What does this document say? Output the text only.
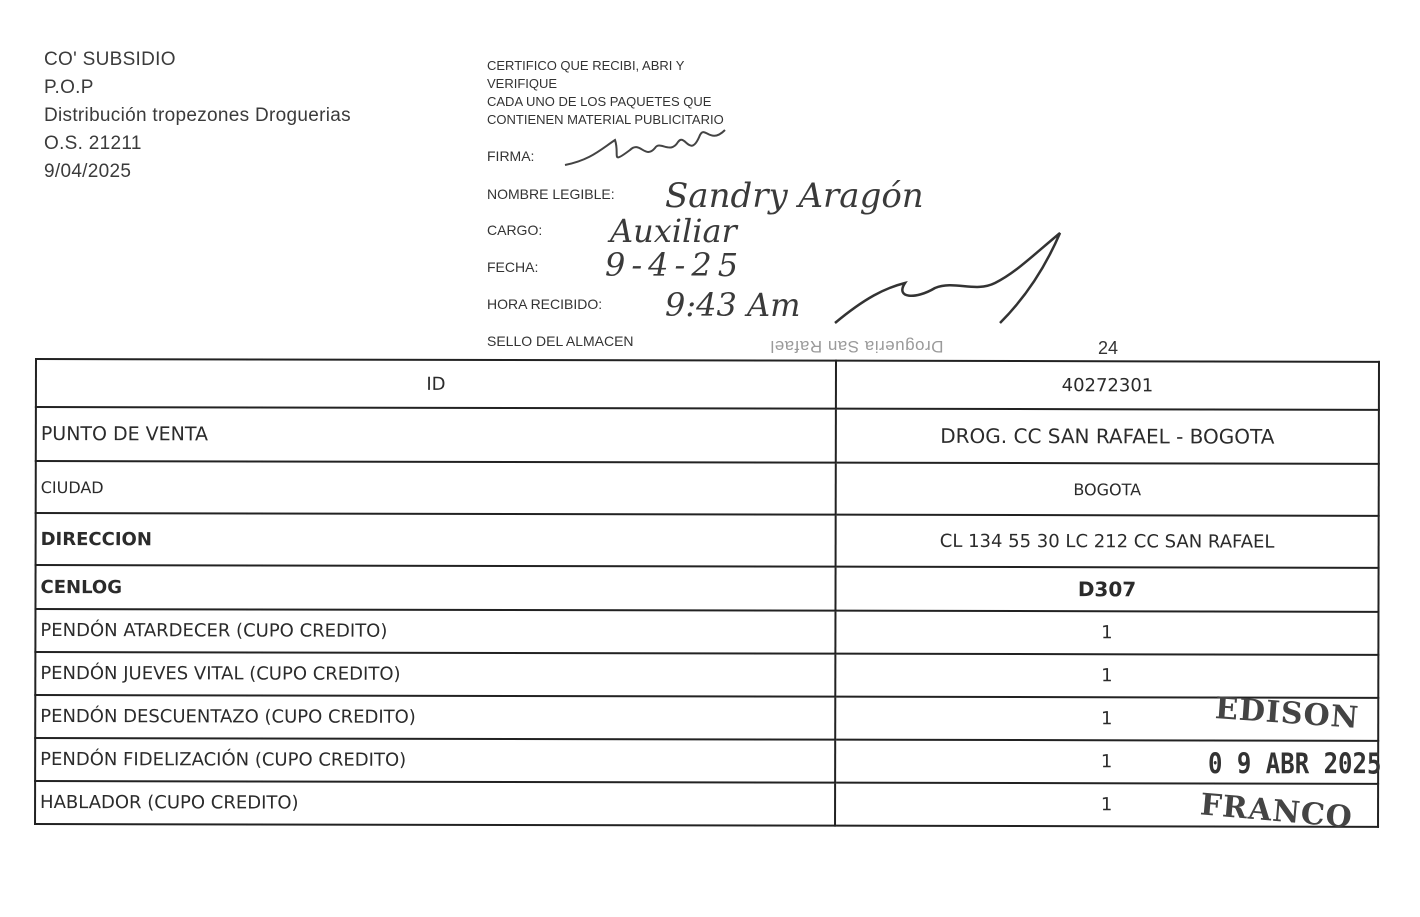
CO' SUBSIDIO
P.O.P
Distribución tropezones Droguerias
O.S. 21211
9/04/2025
CERTIFICO QUE RECIBI, ABRI Y
VERIFIQUE
CADA UNO DE LOS PAQUETES QUE
CONTIENEN MATERIAL PUBLICITARIO
FIRMA:
NOMBRE LEGIBLE:
CARGO:
FECHA:
HORA RECIBIDO:
SELLO DEL ALMACEN
Sandry Aragón
Auxiliar
9-4-25
9:43 Am
Drogueria San Rafael	24
ID	40272301
PUNTO DE VENTA	DROG. CC SAN RAFAEL - BOGOTA
CIUDAD	BOGOTA
DIRECCION	CL 134 55 30 LC 212 CC SAN RAFAEL
CENLOG	D307
PENDÓN ATARDECER (CUPO CREDITO)	1
PENDÓN JUEVES VITAL (CUPO CREDITO)	1
PENDÓN DESCUENTAZO (CUPO CREDITO)	1
PENDÓN FIDELIZACIÓN (CUPO CREDITO)	1
HABLADOR (CUPO CREDITO)	1
EDISON
0 9 ABR 2025
FRANCO
